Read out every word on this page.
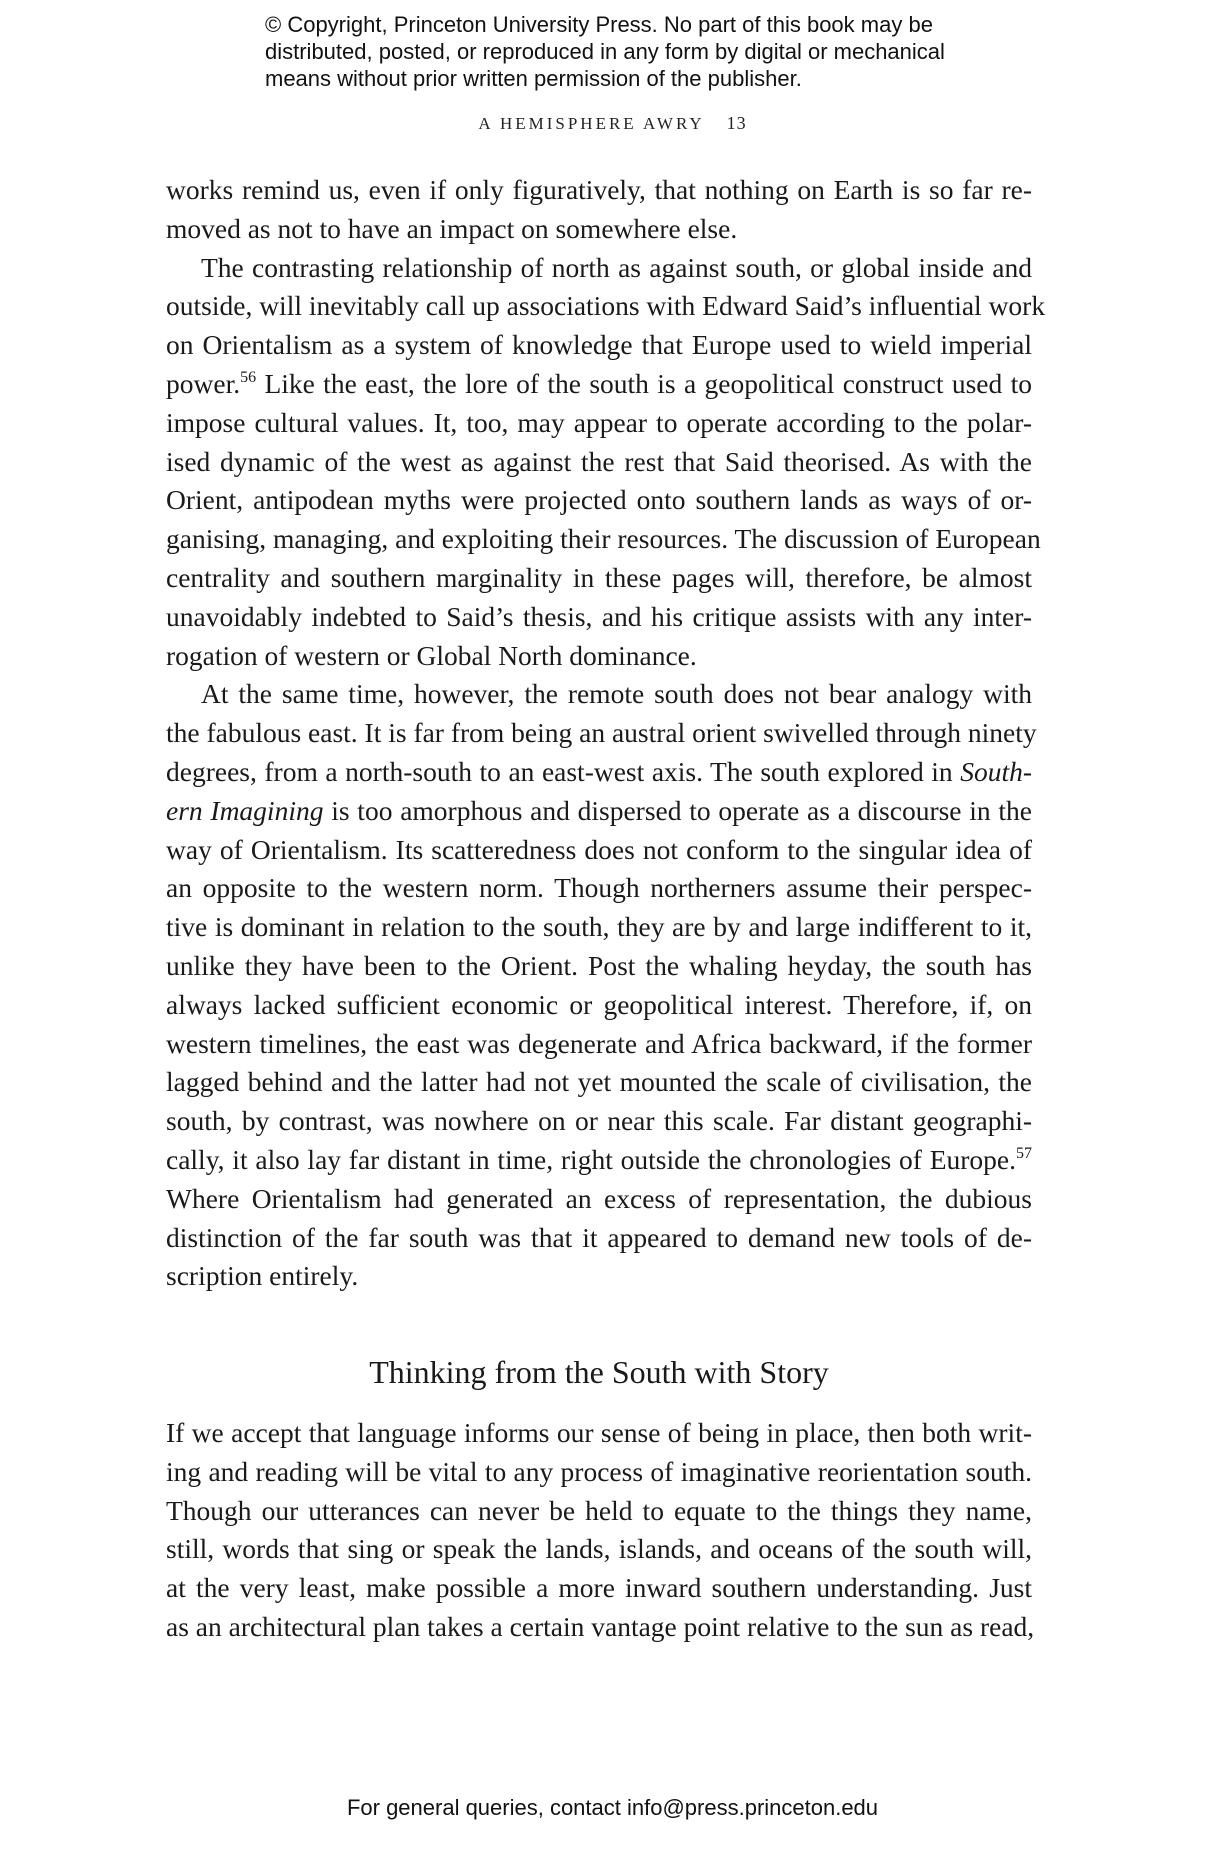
© Copyright, Princeton University Press. No part of this book may be
distributed, posted, or reproduced in any form by digital or mechanical
means without prior written permission of the publisher.
A HEMISPHERE AWRY 13
works remind us, even if only figuratively, that nothing on Earth is so far re-
moved as not to have an impact on somewhere else.
The contrasting relationship of north as against south, or global inside and
outside, will inevitably call up associations with Edward Said’s influential work
on Orientalism as a system of knowledge that Europe used to wield imperial
power.$^{56}$ Like the east, the lore of the south is a geopolitical construct used to
impose cultural values. It, too, may appear to operate according to the polar-
ised dynamic of the west as against the rest that Said theorised. As with the
Orient, antipodean myths were projected onto southern lands as ways of or-
ganising, managing, and exploiting their resources. The discussion of European
centrality and southern marginality in these pages will, therefore, be almost
unavoidably indebted to Said’s thesis, and his critique assists with any inter-
rogation of western or Global North dominance.
At the same time, however, the remote south does not bear analogy with
the fabulous east. It is far from being an austral orient swivelled through ninety
degrees, from a north-south to an east-west axis. The south explored in South-
ern Imagining is too amorphous and dispersed to operate as a discourse in the
way of Orientalism. Its scatteredness does not conform to the singular idea of
an opposite to the western norm. Though northerners assume their perspec-
tive is dominant in relation to the south, they are by and large indifferent to it,
unlike they have been to the Orient. Post the whaling heyday, the south has
always lacked sufficient economic or geopolitical interest. Therefore, if, on
western timelines, the east was degenerate and Africa backward, if the former
lagged behind and the latter had not yet mounted the scale of civilisation, the
south, by contrast, was nowhere on or near this scale. Far distant geographi-
cally, it also lay far distant in time, right outside the chronologies of Europe.$^{57}$
Where Orientalism had generated an excess of representation, the dubious
distinction of the far south was that it appeared to demand new tools of de-
scription entirely.
Thinking from the South with Story
If we accept that language informs our sense of being in place, then both writ-
ing and reading will be vital to any process of imaginative reorientation south.
Though our utterances can never be held to equate to the things they name,
still, words that sing or speak the lands, islands, and oceans of the south will,
at the very least, make possible a more inward southern understanding. Just
as an architectural plan takes a certain vantage point relative to the sun as read,
For general queries, contact info@press.princeton.edu
